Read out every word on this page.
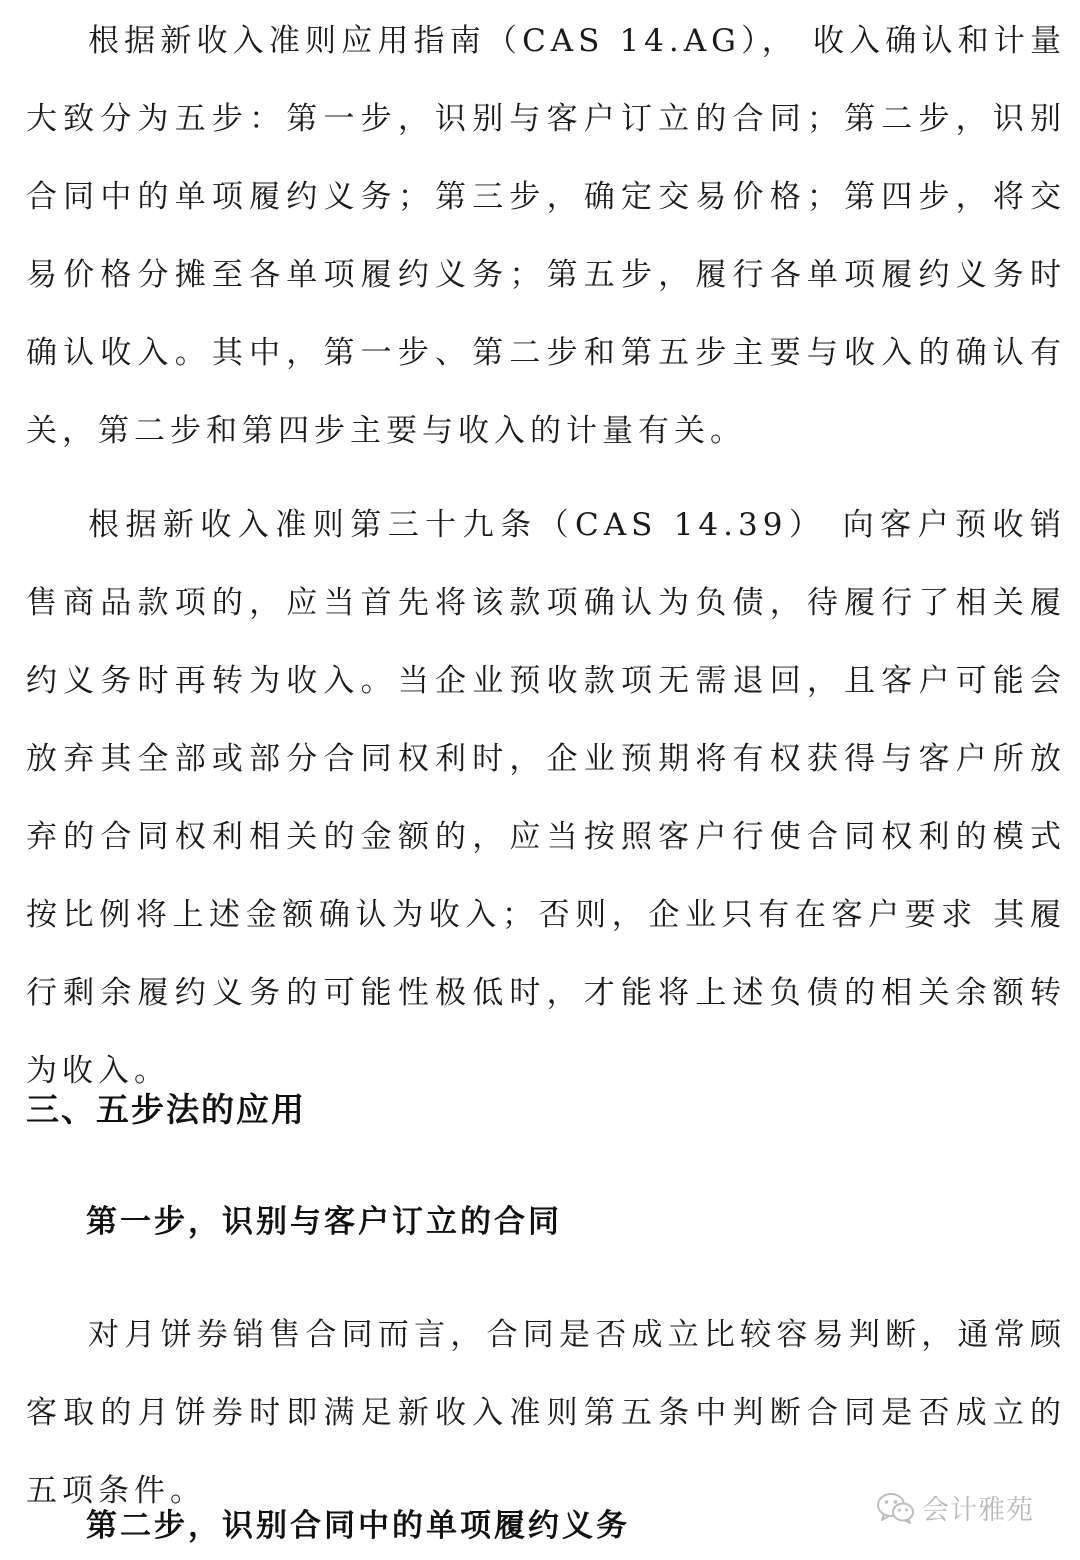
根据新收入准则应用指南（CAS 14.AG）， 收入确认和计量大致分为五步：第一步，识别与客户订立的合同；第二步，识别合同中的单项履约义务；第三步，确定交易价格；第四步，将交易价格分摊至各单项履约义务；第五步，履行各单项履约义务时确认收入。其中，第一步、第二步和第五步主要与收入的确认有关，第二步和第四步主要与收入的计量有关。

根据新收入准则第三十九条（CAS 14.39） 向客户预收销售商品款项的，应当首先将该款项确认为负债，待履行了相关履约义务时再转为收入。当企业预收款项无需退回，且客户可能会放弃其全部或部分合同权利时，企业预期将有权获得与客户所放弃的合同权利相关的金额的，应当按照客户行使合同权利的模式按比例将上述金额确认为收入；否则，企业只有在客户要求 其履行剩余履约义务的可能性极低时，才能将上述负债的相关余额转为收入。

三、五步法的应用
第一步，识别与客户订立的合同

对月饼券销售合同而言，合同是否成立比较容易判断，通常顾客取的月饼券时即满足新收入准则第五条中判断合同是否成立的五项条件。

第二步，识别合同中的单项履约义务	会计雅苑
